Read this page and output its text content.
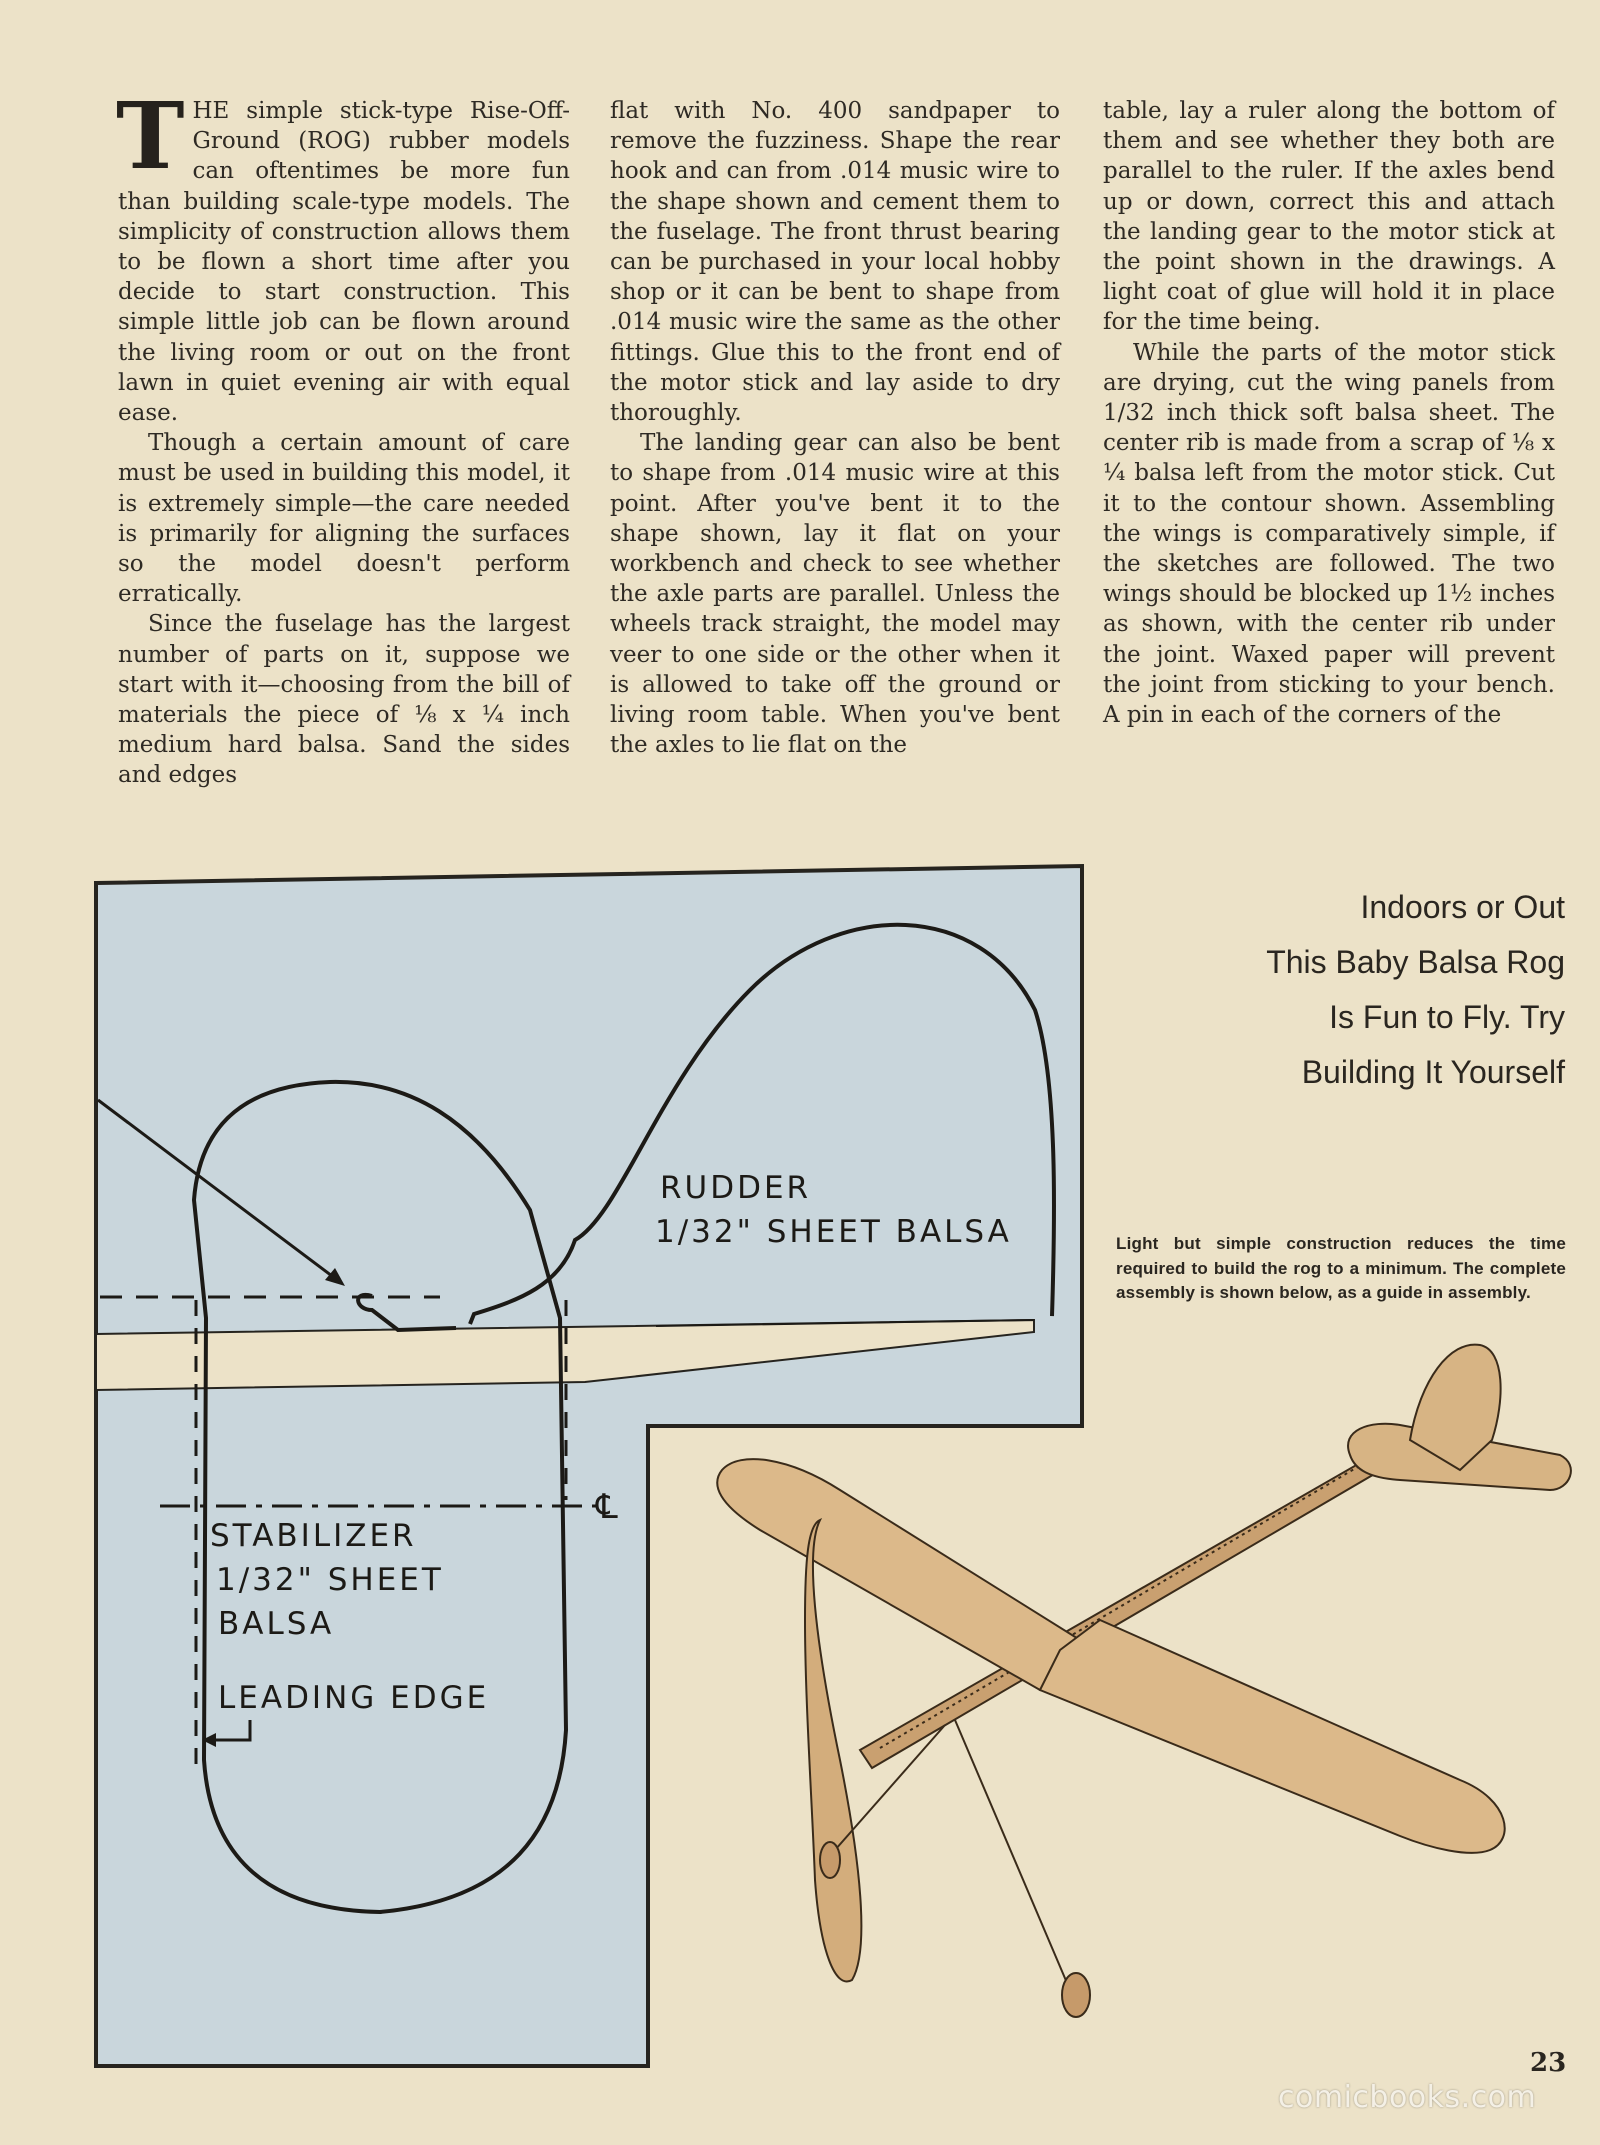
THE simple stick-type Rise-Off-Ground (ROG) rubber models can oftentimes be more fun than building scale-type models. The simplicity of construction allows them to be flown a short time after you decide to start construction. This simple little job can be flown around the living room or out on the front lawn in quiet evening air with equal ease.

Though a certain amount of care must be used in building this model, it is extremely simple—the care needed is primarily for aligning the surfaces so the model doesn't perform erratically.

Since the fuselage has the largest number of parts on it, suppose we start with it—choosing from the bill of materials the piece of ⅛ x ¼ inch medium hard balsa. Sand the sides and edges

flat with No. 400 sandpaper to remove the fuzziness. Shape the rear hook and can from .014 music wire to the shape shown and cement them to the fuselage. The front thrust bearing can be purchased in your local hobby shop or it can be bent to shape from .014 music wire the same as the other fittings. Glue this to the front end of the motor stick and lay aside to dry thoroughly.

The landing gear can also be bent to shape from .014 music wire at this point. After you've bent it to the shape shown, lay it flat on your workbench and check to see whether the axle parts are parallel. Unless the wheels track straight, the model may veer to one side or the other when it is allowed to take off the ground or living room table. When you've bent the axles to lie flat on the

table, lay a ruler along the bottom of them and see whether they both are parallel to the ruler. If the axles bend up or down, correct this and attach the landing gear to the motor stick at the point shown in the drawings. A light coat of glue will hold it in place for the time being.

While the parts of the motor stick are drying, cut the wing panels from 1/32 inch thick soft balsa sheet. The center rib is made from a scrap of ⅛ x ¼ balsa left from the motor stick. Cut it to the contour shown. Assembling the wings is comparatively simple, if the sketches are followed. The two wings should be blocked up 1½ inches as shown, with the center rib under the joint. Waxed paper will prevent the joint from sticking to your bench. A pin in each of the corners of the

RUDDER
1/32" SHEET BALSA
STABILIZER
1/32" SHEET
BALSA
LEADING EDGE
℄
Indoors or Out
This Baby Balsa Rog
Is Fun to Fly. Try
Building It Yourself
Light but simple construction reduces the time required to build the rog to a minimum. The complete assembly is shown below, as a guide in assembly.
23
comicbooks.com
